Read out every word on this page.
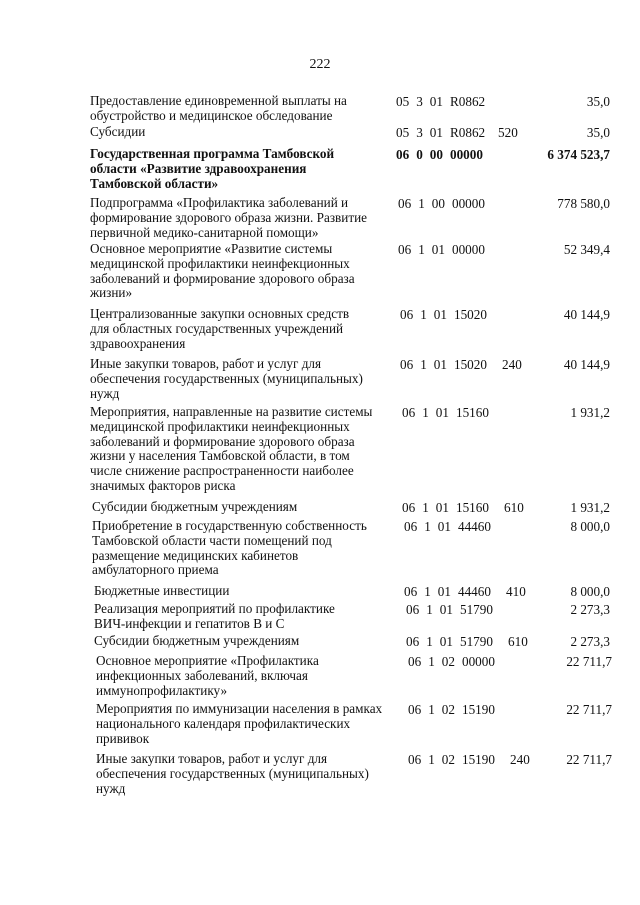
222
Предоставление единовременной выплаты на
обустройство и медицинское обследование
05 3 01 R0862	35,0
Субсидии	05 3 01 R0862 520	35,0
Государственная программа Тамбовской
области «Развитие здравоохранения
Тамбовской области»
06 0 00 00000	6 374 523,7
Подпрограмма «Профилактика заболеваний и
формирование здорового образа жизни. Развитие
первичной медико-санитарной помощи»
06 1 00 00000	778 580,0
Основное мероприятие «Развитие системы
медицинской профилактики неинфекционных
заболеваний и формирование здорового образа
жизни»
06 1 01 00000	52 349,4
Централизованные закупки основных средств
для областных государственных учреждений
здравоохранения
06 1 01 15020	40 144,9
Иные закупки товаров, работ и услуг для
обеспечения государственных (муниципальных)
нужд
06 1 01 15020	240	40 144,9
Мероприятия, направленные на развитие системы
медицинской профилактики неинфекционных
заболеваний и формирование здорового образа
жизни у населения Тамбовской области, в том
числе снижение распространенности наиболее
значимых факторов риска
06 1 01 15160	1 931,2
Субсидии бюджетным учреждениям	06 1 01 15160	610	1 931,2
Приобретение в государственную собственность
Тамбовской области части помещений под
размещение медицинских кабинетов
амбулаторного приема
06 1 01 44460	8 000,0
Бюджетные инвестиции	06 1 01 44460	410	8 000,0
Реализация мероприятий по профилактике
ВИЧ-инфекции и гепатитов B и C
06 1 01 51790	2 273,3
Субсидии бюджетным учреждениям	06 1 01 51790	610	2 273,3
Основное мероприятие «Профилактика
инфекционных заболеваний, включая
иммунопрофилактику»
06 1 02 00000	22 711,7
Мероприятия по иммунизации населения в рамках
национального календаря профилактических
прививок
06 1 02 15190	22 711,7
Иные закупки товаров, работ и услуг для
обеспечения государственных (муниципальных)
нужд
06 1 02 15190	240	22 711,7
